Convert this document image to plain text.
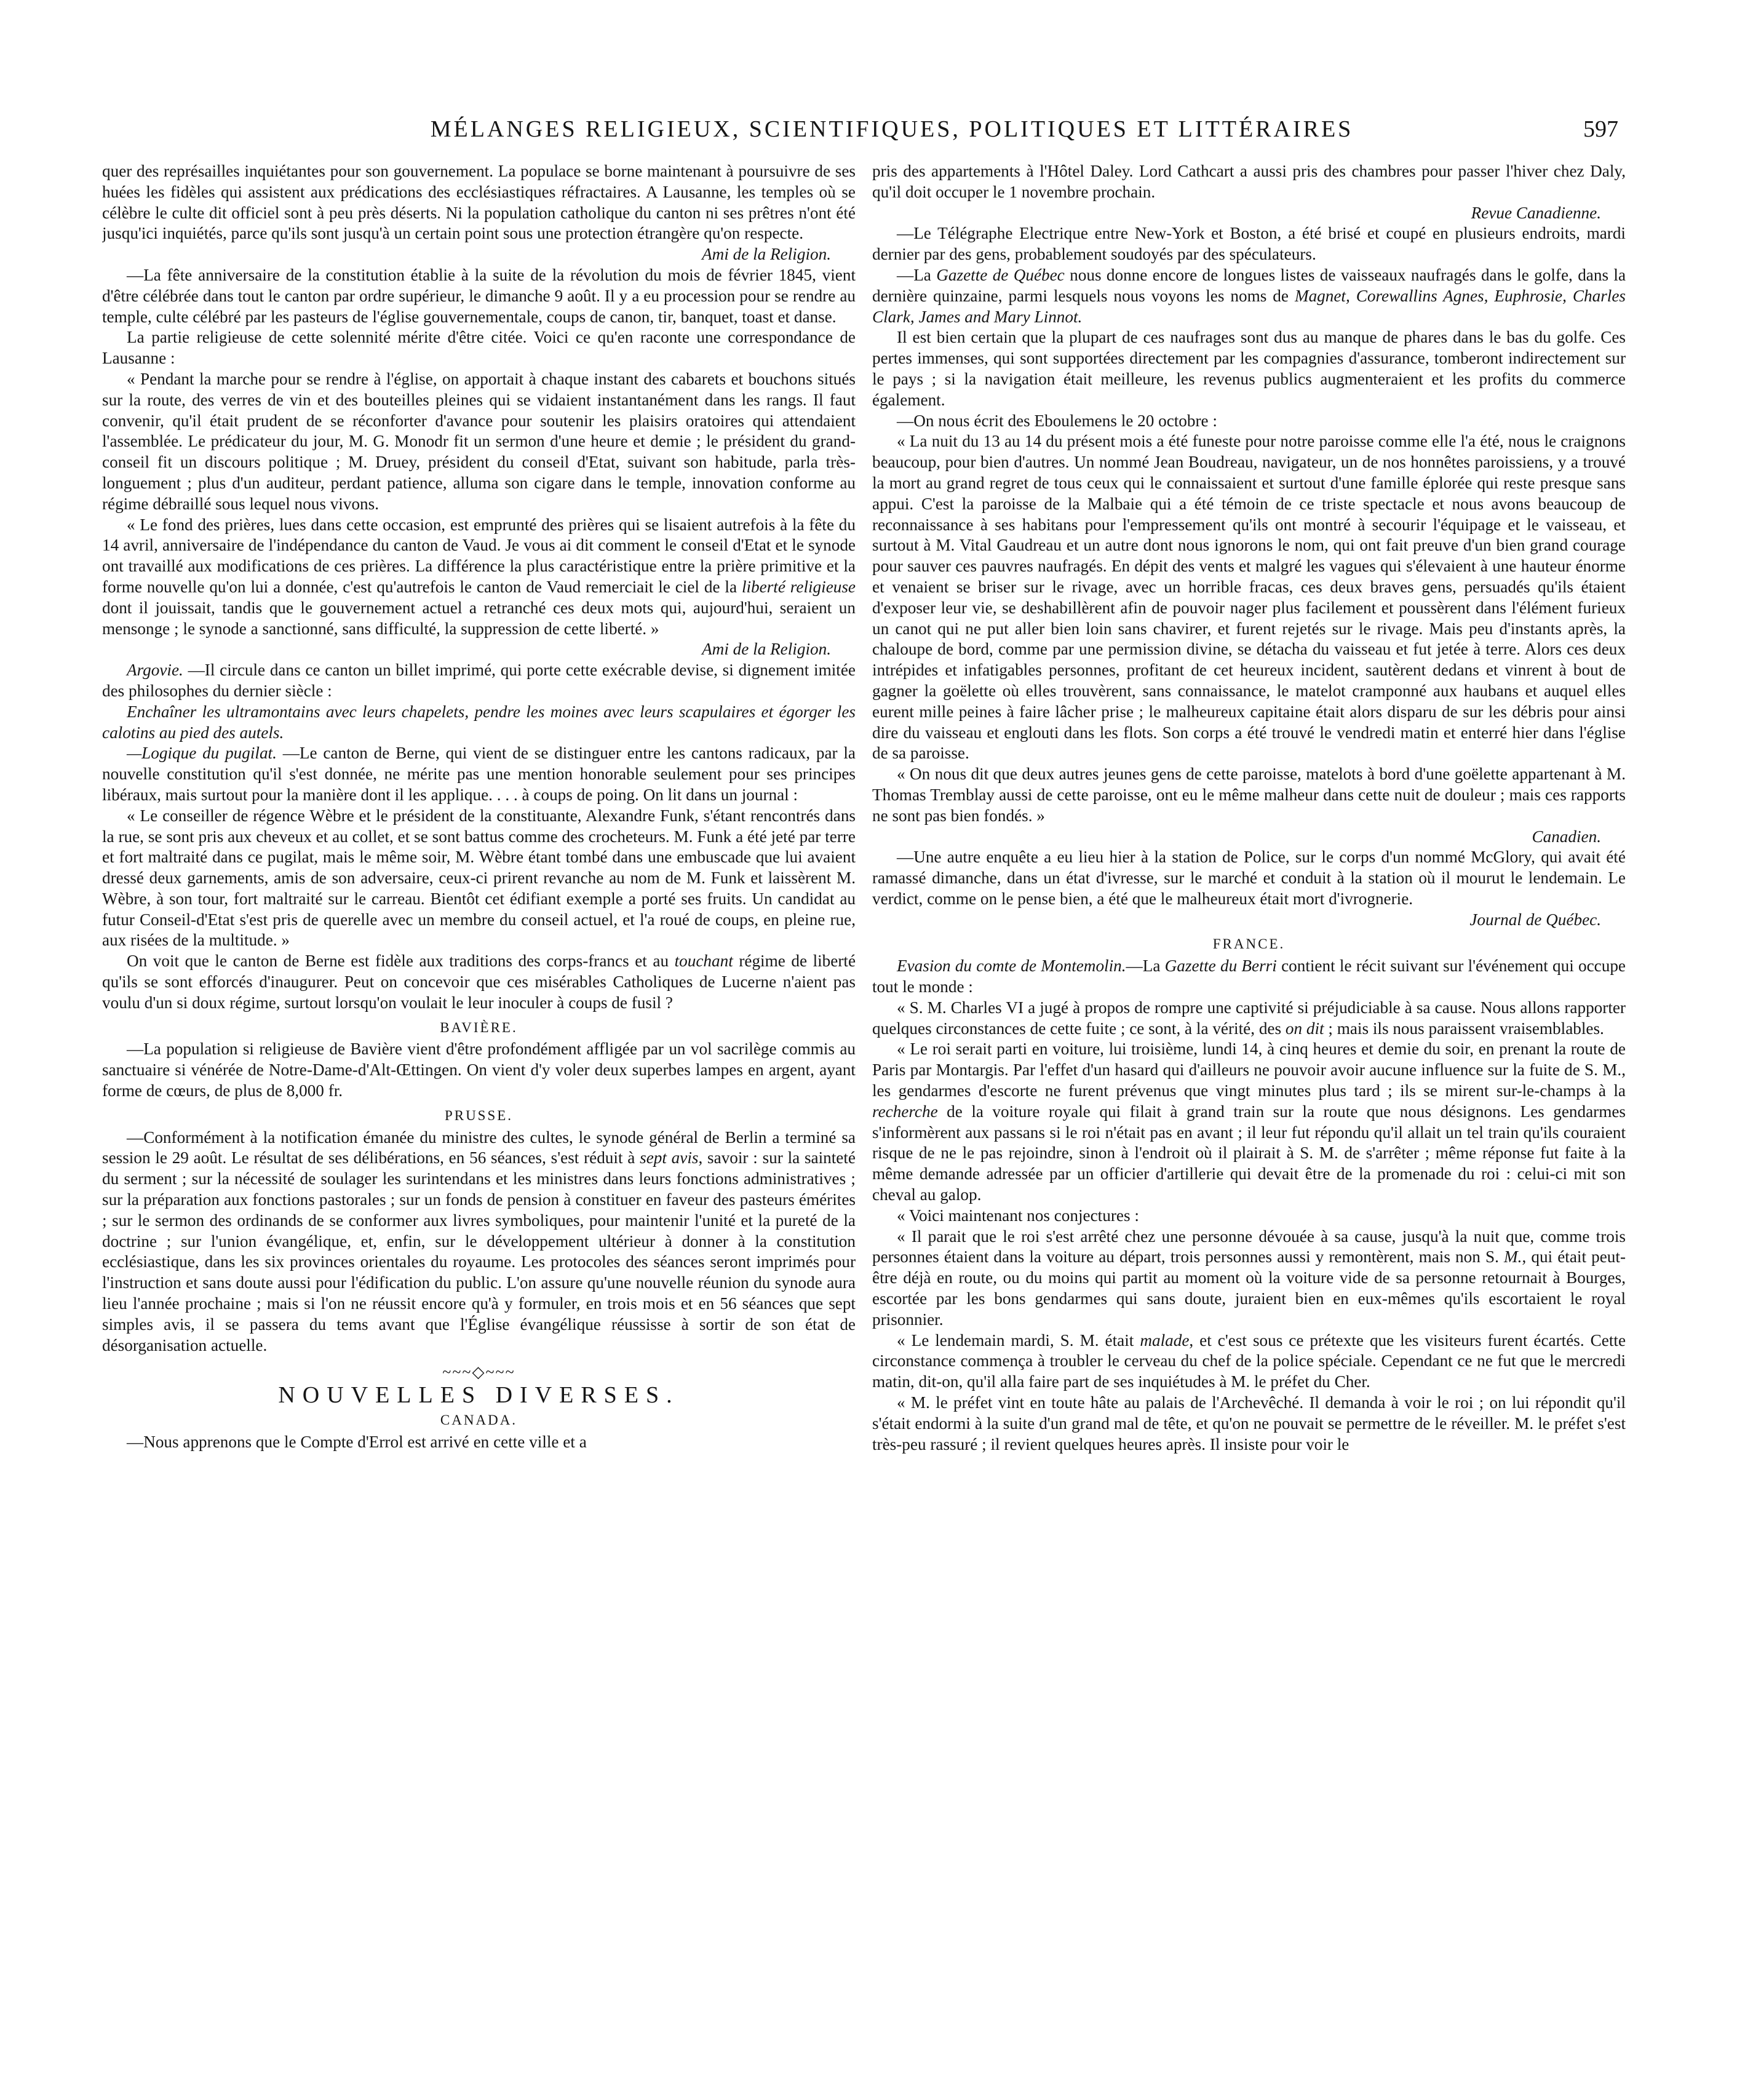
MÉLANGES RELIGIEUX, SCIENTIFIQUES, POLITIQUES ET LITTÉRAIRES	597

quer des représailles inquiétantes pour son gouvernement. La populace se borne maintenant à poursuivre de ses huées les fidèles qui assistent aux prédications des ecclésiastiques réfractaires. A Lausanne, les temples où se célèbre le culte dit officiel sont à peu près déserts. Ni la population catholique du canton ni ses prêtres n'ont été jusqu'ici inquiétés, parce qu'ils sont jusqu'à un certain point sous une protection étrangère qu'on respecte.

Ami de la Religion.

—La fête anniversaire de la constitution établie à la suite de la révolution du mois de février 1845, vient d'être célébrée dans tout le canton par ordre supérieur, le dimanche 9 août. Il y a eu procession pour se rendre au temple, culte célébré par les pasteurs de l'église gouvernementale, coups de canon, tir, banquet, toast et danse.

La partie religieuse de cette solennité mérite d'être citée. Voici ce qu'en raconte une correspondance de Lausanne :

« Pendant la marche pour se rendre à l'église, on apportait à chaque instant des cabarets et bouchons situés sur la route, des verres de vin et des bouteilles pleines qui se vidaient instantanément dans les rangs. Il faut convenir, qu'il était prudent de se réconforter d'avance pour soutenir les plaisirs oratoires qui attendaient l'assemblée. Le prédicateur du jour, M. G. Monodr fit un sermon d'une heure et demie ; le président du grand-conseil fit un discours politique ; M. Druey, président du conseil d'Etat, suivant son habitude, parla très-longuement ; plus d'un auditeur, perdant patience, alluma son cigare dans le temple, innovation conforme au régime débraillé sous lequel nous vivons.

« Le fond des prières, lues dans cette occasion, est emprunté des prières qui se lisaient autrefois à la fête du 14 avril, anniversaire de l'indépendance du canton de Vaud. Je vous ai dit comment le conseil d'Etat et le synode ont travaillé aux modifications de ces prières. La différence la plus caractéristique entre la prière primitive et la forme nouvelle qu'on lui a donnée, c'est qu'autrefois le canton de Vaud remerciait le ciel de la liberté religieuse dont il jouissait, tandis que le gouvernement actuel a retranché ces deux mots qui, aujourd'hui, seraient un mensonge ; le synode a sanctionné, sans difficulté, la suppression de cette liberté. »

Ami de la Religion.

Argovie. —Il circule dans ce canton un billet imprimé, qui porte cette exécrable devise, si dignement imitée des philosophes du dernier siècle :

Enchaîner les ultramontains avec leurs chapelets, pendre les moines avec leurs scapulaires et égorger les calotins au pied des autels.

—Logique du pugilat. —Le canton de Berne, qui vient de se distinguer entre les cantons radicaux, par la nouvelle constitution qu'il s'est donnée, ne mérite pas une mention honorable seulement pour ses principes libéraux, mais surtout pour la manière dont il les applique. . . . à coups de poing. On lit dans un journal :

« Le conseiller de régence Wèbre et le président de la constituante, Alexandre Funk, s'étant rencontrés dans la rue, se sont pris aux cheveux et au collet, et se sont battus comme des crocheteurs. M. Funk a été jeté par terre et fort maltraité dans ce pugilat, mais le même soir, M. Wèbre étant tombé dans une embuscade que lui avaient dressé deux garnements, amis de son adversaire, ceux-ci prirent revanche au nom de M. Funk et laissèrent M. Wèbre, à son tour, fort maltraité sur le carreau. Bientôt cet édifiant exemple a porté ses fruits. Un candidat au futur Conseil-d'Etat s'est pris de querelle avec un membre du conseil actuel, et l'a roué de coups, en pleine rue, aux risées de la multitude. »

On voit que le canton de Berne est fidèle aux traditions des corps-francs et au touchant régime de liberté qu'ils se sont efforcés d'inaugurer. Peut on concevoir que ces misérables Catholiques de Lucerne n'aient pas voulu d'un si doux régime, surtout lorsqu'on voulait le leur inoculer à coups de fusil ?

BAVIÈRE.

—La population si religieuse de Bavière vient d'être profondément affligée par un vol sacrilège commis au sanctuaire si vénérée de Notre-Dame-d'Alt-Œttingen. On vient d'y voler deux superbes lampes en argent, ayant forme de cœurs, de plus de 8,000 fr.

PRUSSE.

—Conformément à la notification émanée du ministre des cultes, le synode général de Berlin a terminé sa session le 29 août. Le résultat de ses délibérations, en 56 séances, s'est réduit à sept avis, savoir : sur la sainteté du serment ; sur la nécessité de soulager les surintendans et les ministres dans leurs fonctions administratives ; sur la préparation aux fonctions pastorales ; sur un fonds de pension à constituer en faveur des pasteurs émérites ; sur le sermon des ordinands de se conformer aux livres symboliques, pour maintenir l'unité et la pureté de la doctrine ; sur l'union évangélique, et, enfin, sur le développement ultérieur à donner à la constitution ecclésiastique, dans les six provinces orientales du royaume. Les protocoles des séances seront imprimés pour l'instruction et sans doute aussi pour l'édification du public. L'on assure qu'une nouvelle réunion du synode aura lieu l'année prochaine ; mais si l'on ne réussit encore qu'à y formuler, en trois mois et en 56 séances que sept simples avis, il se passera du tems avant que l'Église évangélique réussisse à sortir de son état de désorganisation actuelle.

~~~◇~~~
NOUVELLES DIVERSES.
CANADA.

—Nous apprenons que le Compte d'Errol est arrivé en cette ville et a

pris des appartements à l'Hôtel Daley. Lord Cathcart a aussi pris des chambres pour passer l'hiver chez Daly, qu'il doit occuper le 1 novembre prochain.

Revue Canadienne.

—Le Télégraphe Electrique entre New-York et Boston, a été brisé et coupé en plusieurs endroits, mardi dernier par des gens, probablement soudoyés par des spéculateurs.

—La Gazette de Québec nous donne encore de longues listes de vaisseaux naufragés dans le golfe, dans la dernière quinzaine, parmi lesquels nous voyons les noms de Magnet, Corewallins Agnes, Euphrosie, Charles Clark, James and Mary Linnot.

Il est bien certain que la plupart de ces naufrages sont dus au manque de phares dans le bas du golfe. Ces pertes immenses, qui sont supportées directement par les compagnies d'assurance, tomberont indirectement sur le pays ; si la navigation était meilleure, les revenus publics augmenteraient et les profits du commerce également.

—On nous écrit des Eboulemens le 20 octobre :

« La nuit du 13 au 14 du présent mois a été funeste pour notre paroisse comme elle l'a été, nous le craignons beaucoup, pour bien d'autres. Un nommé Jean Boudreau, navigateur, un de nos honnêtes paroissiens, y a trouvé la mort au grand regret de tous ceux qui le connaissaient et surtout d'une famille éplorée qui reste presque sans appui. C'est la paroisse de la Malbaie qui a été témoin de ce triste spectacle et nous avons beaucoup de reconnaissance à ses habitans pour l'empressement qu'ils ont montré à secourir l'équipage et le vaisseau, et surtout à M. Vital Gaudreau et un autre dont nous ignorons le nom, qui ont fait preuve d'un bien grand courage pour sauver ces pauvres naufragés. En dépit des vents et malgré les vagues qui s'élevaient à une hauteur énorme et venaient se briser sur le rivage, avec un horrible fracas, ces deux braves gens, persuadés qu'ils étaient d'exposer leur vie, se deshabillèrent afin de pouvoir nager plus facilement et poussèrent dans l'élément furieux un canot qui ne put aller bien loin sans chavirer, et furent rejetés sur le rivage. Mais peu d'instants après, la chaloupe de bord, comme par une permission divine, se détacha du vaisseau et fut jetée à terre. Alors ces deux intrépides et infatigables personnes, profitant de cet heureux incident, sautèrent dedans et vinrent à bout de gagner la goëlette où elles trouvèrent, sans connaissance, le matelot cramponné aux haubans et auquel elles eurent mille peines à faire lâcher prise ; le malheureux capitaine était alors disparu de sur les débris pour ainsi dire du vaisseau et englouti dans les flots. Son corps a été trouvé le vendredi matin et enterré hier dans l'église de sa paroisse.

« On nous dit que deux autres jeunes gens de cette paroisse, matelots à bord d'une goëlette appartenant à M. Thomas Tremblay aussi de cette paroisse, ont eu le même malheur dans cette nuit de douleur ; mais ces rapports ne sont pas bien fondés. »

Canadien.

—Une autre enquête a eu lieu hier à la station de Police, sur le corps d'un nommé McGlory, qui avait été ramassé dimanche, dans un état d'ivresse, sur le marché et conduit à la station où il mourut le lendemain. Le verdict, comme on le pense bien, a été que le malheureux était mort d'ivrognerie.

Journal de Québec.

FRANCE.

Evasion du comte de Montemolin.—La Gazette du Berri contient le récit suivant sur l'événement qui occupe tout le monde :

« S. M. Charles VI a jugé à propos de rompre une captivité si préjudiciable à sa cause. Nous allons rapporter quelques circonstances de cette fuite ; ce sont, à la vérité, des on dit ; mais ils nous paraissent vraisemblables.

« Le roi serait parti en voiture, lui troisième, lundi 14, à cinq heures et demie du soir, en prenant la route de Paris par Montargis. Par l'effet d'un hasard qui d'ailleurs ne pouvoir avoir aucune influence sur la fuite de S. M., les gendarmes d'escorte ne furent prévenus que vingt minutes plus tard ; ils se mirent sur-le-champs à la recherche de la voiture royale qui filait à grand train sur la route que nous désignons. Les gendarmes s'informèrent aux passans si le roi n'était pas en avant ; il leur fut répondu qu'il allait un tel train qu'ils couraient risque de ne le pas rejoindre, sinon à l'endroit où il plairait à S. M. de s'arrêter ; même réponse fut faite à la même demande adressée par un officier d'artillerie qui devait être de la promenade du roi : celui-ci mit son cheval au galop.

« Voici maintenant nos conjectures :

« Il parait que le roi s'est arrêté chez une personne dévouée à sa cause, jusqu'à la nuit que, comme trois personnes étaient dans la voiture au départ, trois personnes aussi y remontèrent, mais non S. M., qui était peut-être déjà en route, ou du moins qui partit au moment où la voiture vide de sa personne retournait à Bourges, escortée par les bons gendarmes qui sans doute, juraient bien en eux-mêmes qu'ils escortaient le royal prisonnier.

« Le lendemain mardi, S. M. était malade, et c'est sous ce prétexte que les visiteurs furent écartés. Cette circonstance commença à troubler le cerveau du chef de la police spéciale. Cependant ce ne fut que le mercredi matin, dit-on, qu'il alla faire part de ses inquiétudes à M. le préfet du Cher.

« M. le préfet vint en toute hâte au palais de l'Archevêché. Il demanda à voir le roi ; on lui répondit qu'il s'était endormi à la suite d'un grand mal de tête, et qu'on ne pouvait se permettre de le réveiller. M. le préfet s'est très-peu rassuré ; il revient quelques heures après. Il insiste pour voir le
